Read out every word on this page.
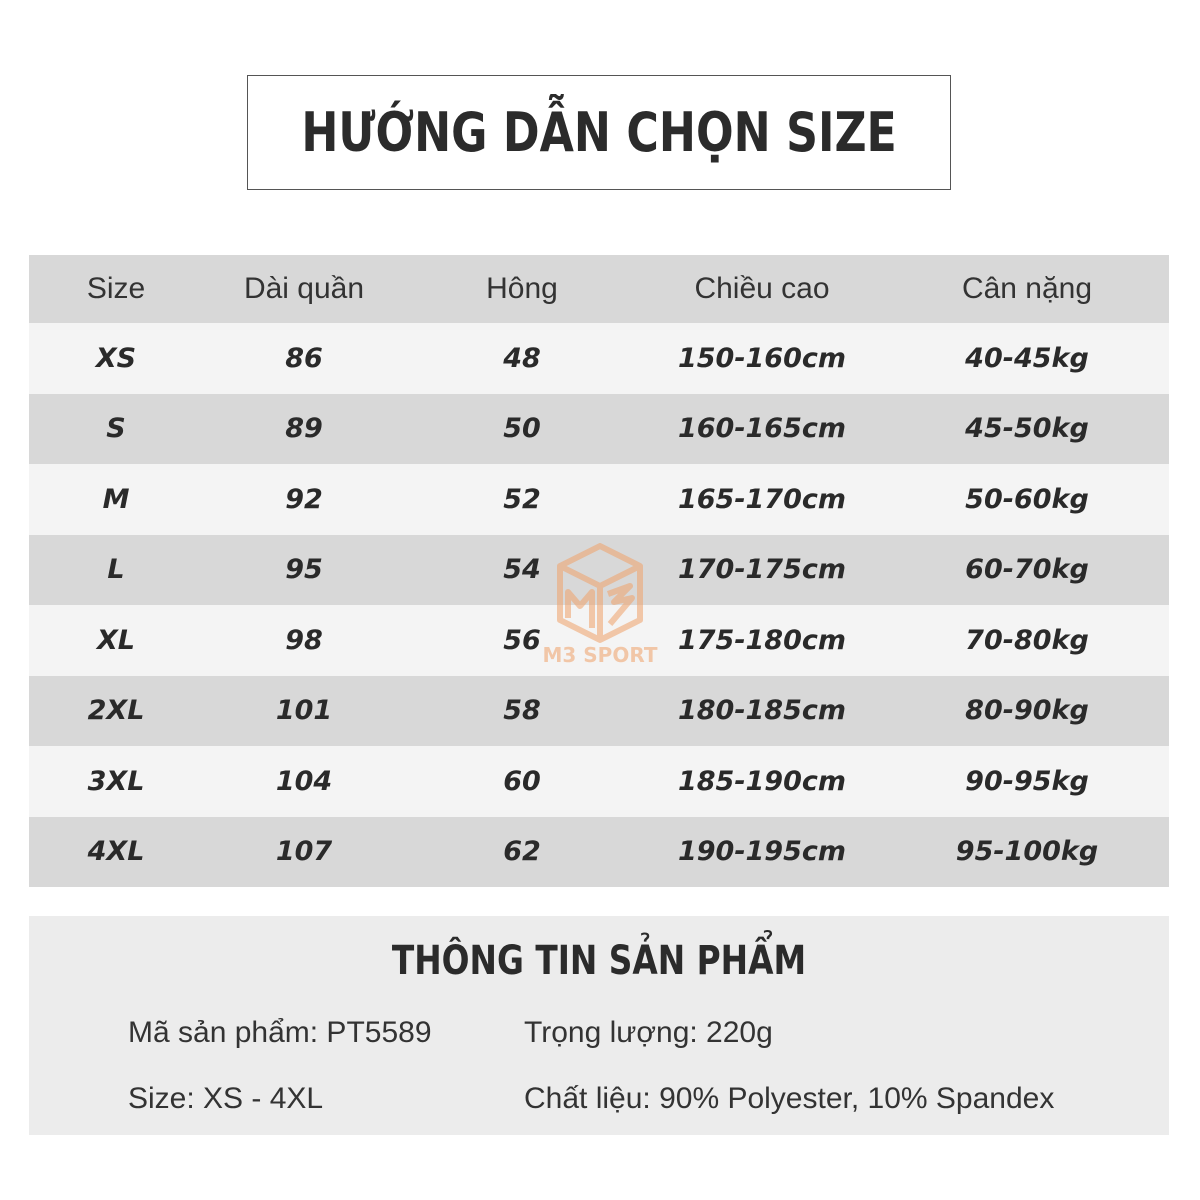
HƯỚNG DẪN CHỌN SIZE
Size	Dài quần	Hông	Chiều cao	Cân nặng
XS	86	48	150-160cm	40-45kg
S	89	50	160-165cm	45-50kg
M	92	52	165-170cm	50-60kg
L	95	54	170-175cm	60-70kg
XL	98	56	175-180cm	70-80kg
2XL	101	58	180-185cm	80-90kg
3XL	104	60	185-190cm	90-95kg
4XL	107	62	190-195cm	95-100kg
M3 SPORT
THÔNG TIN SẢN PHẨM
Mã sản phẩm: PT5589	Trọng lượng: 220g
Size: XS - 4XL	Chất liệu: 90% Polyester, 10% Spandex
